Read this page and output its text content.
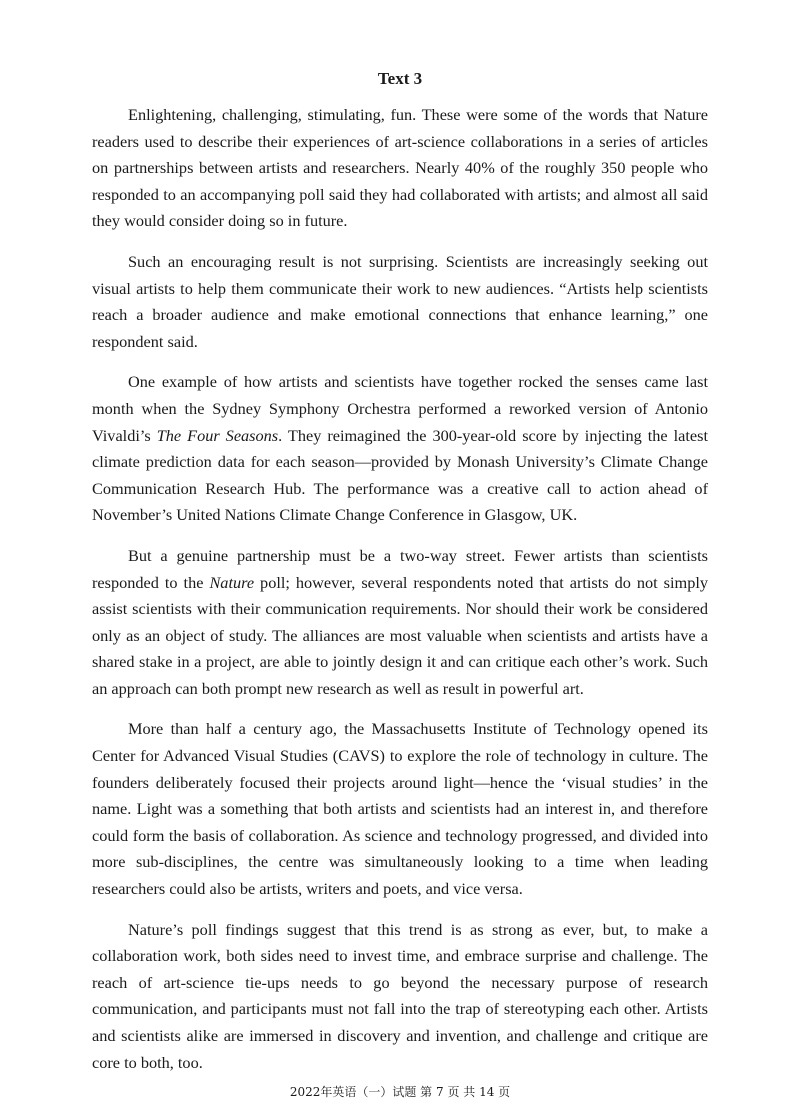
Text 3

Enlightening, challenging, stimulating, fun. These were some of the words that Nature readers used to describe their experiences of art-science collaborations in a series of articles on partnerships between artists and researchers. Nearly 40% of the roughly 350 people who responded to an accompanying poll said they had collaborated with artists; and almost all said they would consider doing so in future.

Such an encouraging result is not surprising. Scientists are increasingly seeking out visual artists to help them communicate their work to new audiences. “Artists help scientists reach a broader audience and make emotional connections that enhance learning,” one respondent said.

One example of how artists and scientists have together rocked the senses came last month when the Sydney Symphony Orchestra performed a reworked version of Antonio Vivaldi’s The Four Seasons. They reimagined the 300-year-old score by injecting the latest climate prediction data for each season—provided by Monash University’s Climate Change Communication Research Hub. The performance was a creative call to action ahead of November’s United Nations Climate Change Conference in Glasgow, UK.

But a genuine partnership must be a two-way street. Fewer artists than scientists responded to the Nature poll; however, several respondents noted that artists do not simply assist scientists with their communication requirements. Nor should their work be considered only as an object of study. The alliances are most valuable when scientists and artists have a shared stake in a project, are able to jointly design it and can critique each other’s work. Such an approach can both prompt new research as well as result in powerful art.

More than half a century ago, the Massachusetts Institute of Technology opened its Center for Advanced Visual Studies (CAVS) to explore the role of technology in culture. The founders deliberately focused their projects around light—hence the ‘visual studies’ in the name. Light was a something that both artists and scientists had an interest in, and therefore could form the basis of collaboration. As science and technology progressed, and divided into more sub-disciplines, the centre was simultaneously looking to a time when leading researchers could also be artists, writers and poets, and vice versa.

Nature’s poll findings suggest that this trend is as strong as ever, but, to make a collaboration work, both sides need to invest time, and embrace surprise and challenge. The reach of art-science tie-ups needs to go beyond the necessary purpose of research communication, and participants must not fall into the trap of stereotyping each other. Artists and scientists alike are immersed in discovery and invention, and challenge and critique are core to both, too.

2022年英语（一）试题 第 7 页 共 14 页
